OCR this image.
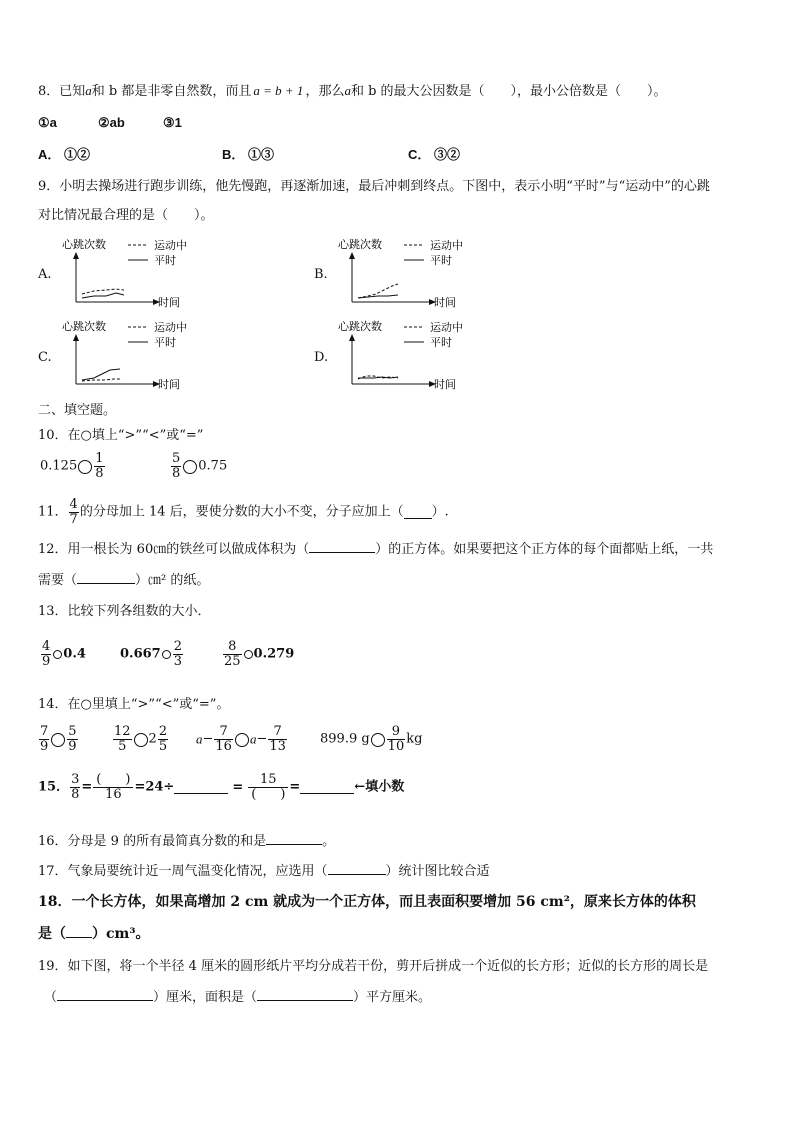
8．已知a和 b 都是非零自然数，而且 a = b + 1 ，那么a和 b 的最大公因数是（　　），最小公倍数是（　　）。
①a	②ab	③1
A． ①②	B． ①③	C． ③②
9．小明去操场进行跑步训练，他先慢跑，再逐渐加速，最后冲刺到终点。下图中，表示小明“平时”与“运动中”的心跳
对比情况最合理的是（　　）。
A.
心跳次数	运动中
平时
时间
B.
心跳次数	运动中
平时
时间
C.
心跳次数	运动中
平时
时间
D.
心跳次数	运动中
平时
时间
二、填空题。
10．在○填上“>”“<”或“=”
$0.125 \frac{1}{8}$	$\frac{5}{8} 0.75$
11． $\frac{4}{7}$ 的分母加上 14 后，要使分数的大小不变，分子应加上（ ）.
12．用一根长为 60㎝的铁丝可以做成体积为（	）的正方体。如果要把这个正方体的每个面都贴上纸，一共
需要（	）㎝² 的纸。
13．比较下列各组数的大小．
$\frac{4}{9} 0.4$	$0.667 \frac{2}{3}$	$\frac{8}{25} 0.279$
14．在○里填上“>”“<”或“=”。
$\frac{7}{9} \frac{5}{9}$	$\frac{12}{5} 2 \frac{2}{5} a- \frac{7}{16} a- \frac{7}{13}$	899.9 g $\frac{9}{10}$ kg
15． $\frac{3}{8} = \frac{( )}{16} =24\div$	= $\frac{15}{( )}$ =	←填小数
16．分母是 9 的所有最简真分数的和是	。
17．气象局要统计近一周气温变化情况，应选用（	）统计图比较合适
18．一个长方体，如果高增加 2 cm 就成为一个正方体，而且表面积要增加 56 cm²，原来长方体的体积
是（ ）cm³。
19．如下图，将一个半径 4 厘米的圆形纸片平均分成若干份，剪开后拼成一个近似的长方形；近似的长方形的周长是
（	）厘米，面积是（	）平方厘米。
